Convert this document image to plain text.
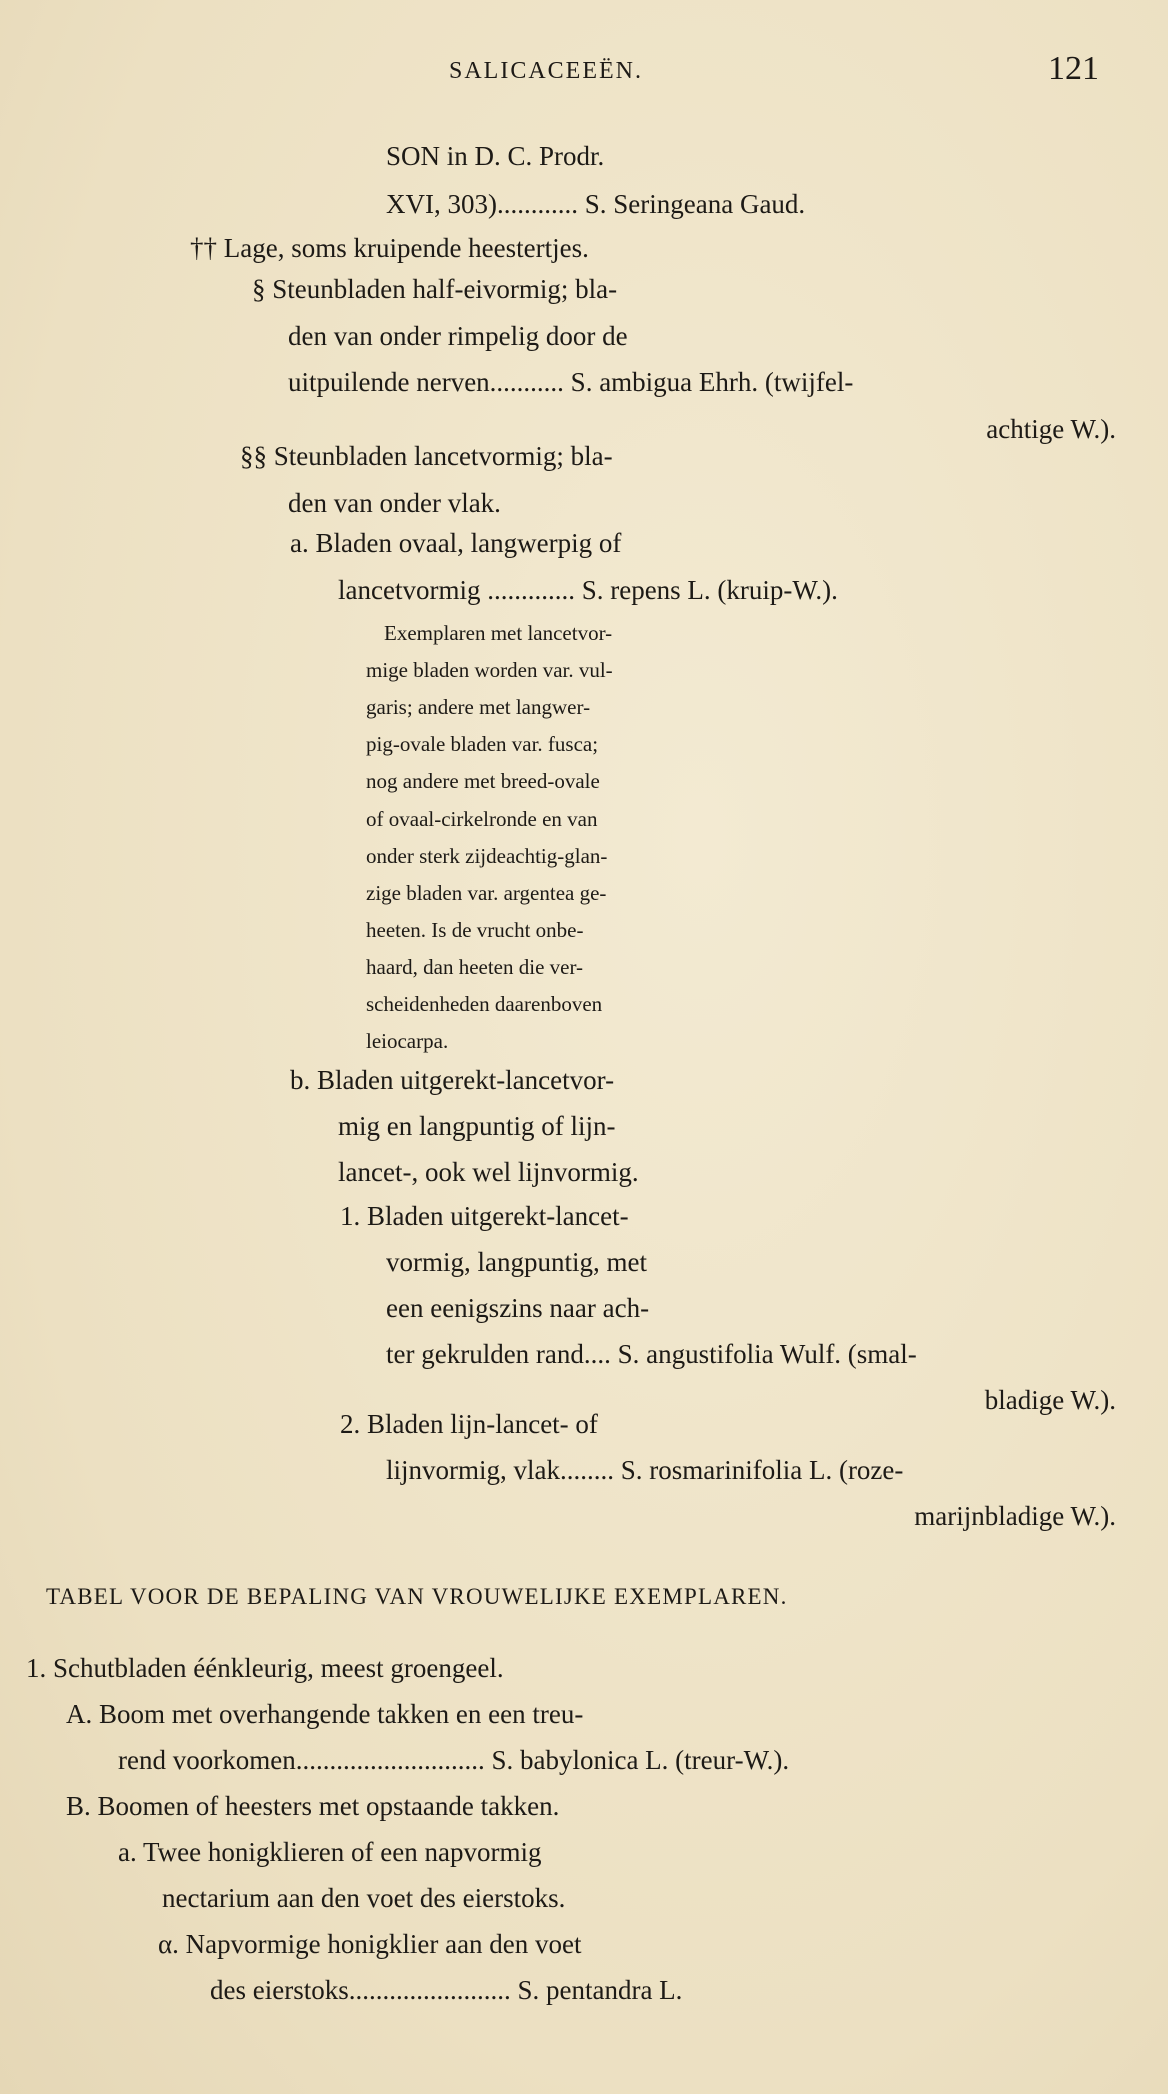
SALICACEEËN.	121
SON in D. C. Prodr.
XVI, 303)............ S. Seringeana Gaud.
†† Lage, soms kruipende heestertjes.
§ Steunbladen half-eivormig; bla-
den van onder rimpelig door de
uitpuilende nerven........... S. ambigua Ehrh. (twijfel-
achtige W.).
§§ Steunbladen lancetvormig; bla-
den van onder vlak.
a. Bladen ovaal, langwerpig of
lancetvormig ............. S. repens L. (kruip-W.).
Exemplaren met lancetvor-
mige bladen worden var. vul-
garis; andere met langwer-
pig-ovale bladen var. fusca;
nog andere met breed-ovale
of ovaal-cirkelronde en van
onder sterk zijdeachtig-glan-
zige bladen var. argentea ge-
heeten. Is de vrucht onbe-
haard, dan heeten die ver-
scheidenheden daarenboven
leiocarpa.
b. Bladen uitgerekt-lancetvor-
mig en langpuntig of lijn-
lancet-, ook wel lijnvormig.
1. Bladen uitgerekt-lancet-
vormig, langpuntig, met
een eenigszins naar ach-
ter gekrulden rand.... S. angustifolia Wulf. (smal-
bladige W.).
2. Bladen lijn-lancet- of
lijnvormig, vlak........ S. rosmarinifolia L. (roze-
marijnbladige W.).
TABEL VOOR DE BEPALING VAN VROUWELIJKE EXEMPLAREN.
1. Schutbladen éénkleurig, meest groengeel.
A. Boom met overhangende takken en een treu-
rend voorkomen............................ S. babylonica L. (treur-W.).
B. Boomen of heesters met opstaande takken.
a. Twee honigklieren of een napvormig
nectarium aan den voet des eierstoks.
α. Napvormige honigklier aan den voet
des eierstoks........................ S. pentandra L.
